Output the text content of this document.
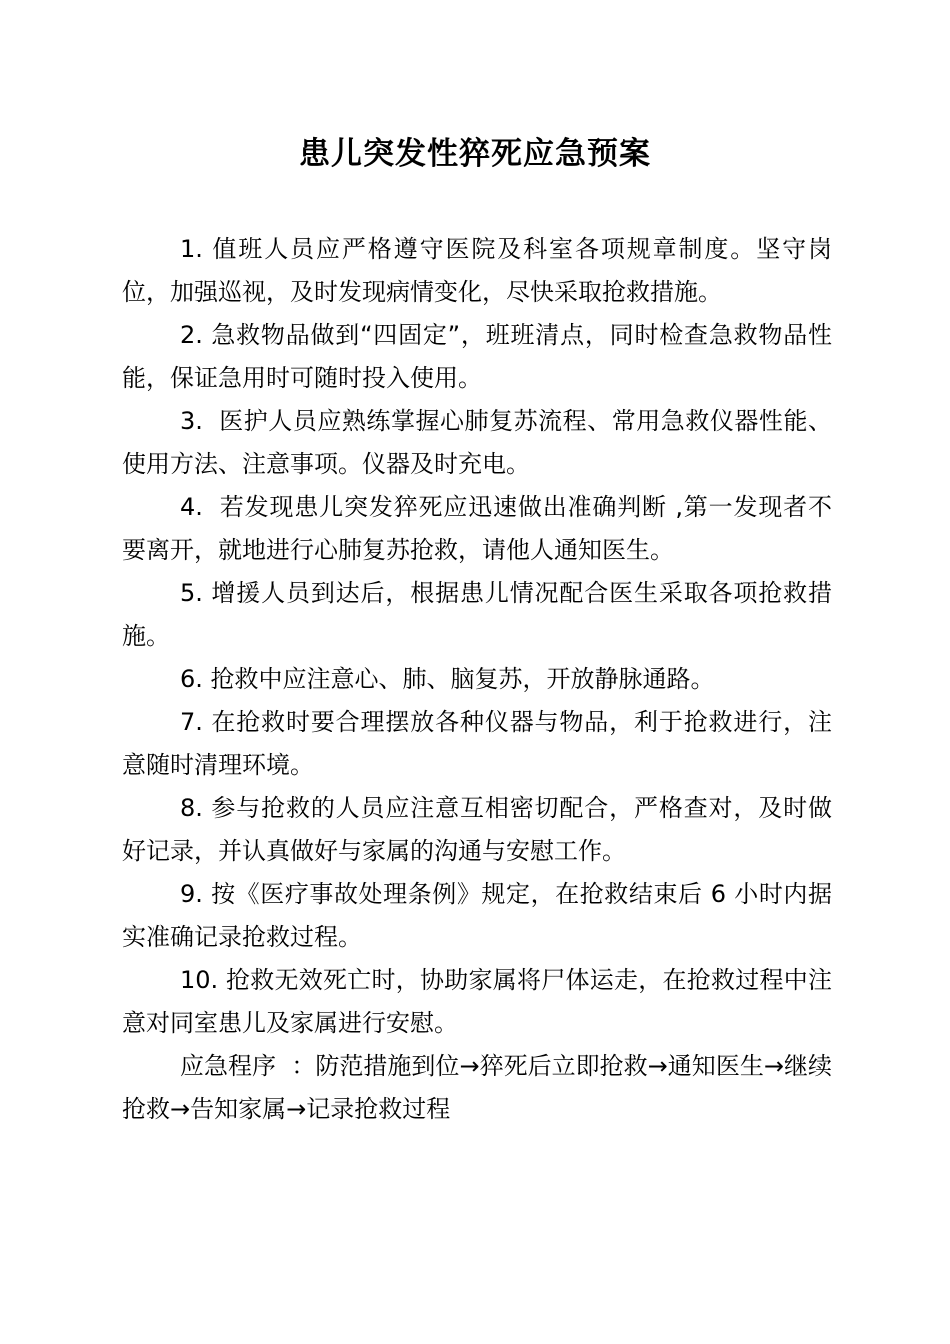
患儿突发性猝死应急预案

1. 值班人员应严格遵守医院及科室各项规章制度。坚守岗位，加强巡视，及时发现病情变化，尽快采取抢救措施。

2. 急救物品做到“四固定”，班班清点，同时检查急救物品性能，保证急用时可随时投入使用。

3.  医护人员应熟练掌握心肺复苏流程、常用急救仪器性能、使用方法、注意事项。仪器及时充电。

4.  若发现患儿突发猝死应迅速做出准确判断 ,第一发现者不要离开，就地进行心肺复苏抢救，请他人通知医生。

5. 增援人员到达后，根据患儿情况配合医生采取各项抢救措施。

6. 抢救中应注意心、肺、脑复苏，开放静脉通路。

7. 在抢救时要合理摆放各种仪器与物品，利于抢救进行，注意随时清理环境。

8. 参与抢救的人员应注意互相密切配合，严格查对，及时做好记录，并认真做好与家属的沟通与安慰工作。

9. 按《医疗事故处理条例》规定，在抢救结束后 6 小时内据实准确记录抢救过程。

10. 抢救无效死亡时，协助家属将尸体运走，在抢救过程中注意对同室患儿及家属进行安慰。

应急程序  ：防范措施到位→猝死后立即抢救→通知医生→继续抢救→告知家属→记录抢救过程
